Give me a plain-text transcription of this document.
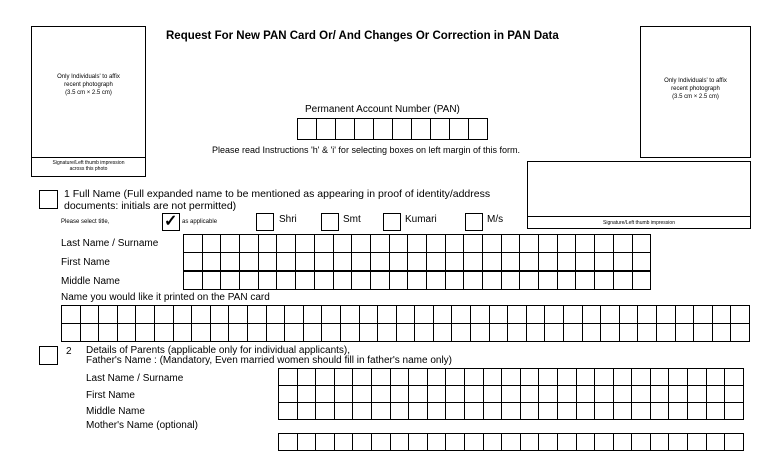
Request For New PAN Card Or/ And Changes Or Correction in PAN Data
Only Individuals' to affix
recent photograph
(3.5 cm × 2.5 cm)
Signature/Left thumb impression
across this photo
Only Individuals' to affix
recent photograph
(3.5 cm × 2.5 cm)
Permanent Account Number (PAN)
Please read Instructions 'h' & 'i' for selecting boxes on left margin of this form.
Signature/Left thumb impression
1 Full Name (Full expanded name to be mentioned as appearing in proof of identity/address
documents: initials are not permitted)
Please select title,	✓ as applicable	Shri	Smt	Kumari	M/s
Last Name / Surname
First Name
Middle Name
Name you would like it printed on the PAN card
2 Details of Parents (applicable only for individual applicants),
Father's Name : (Mandatory, Even married women should fill in father's name only)
Last Name / Surname
First Name
Middle Name
Mother's Name (optional)
